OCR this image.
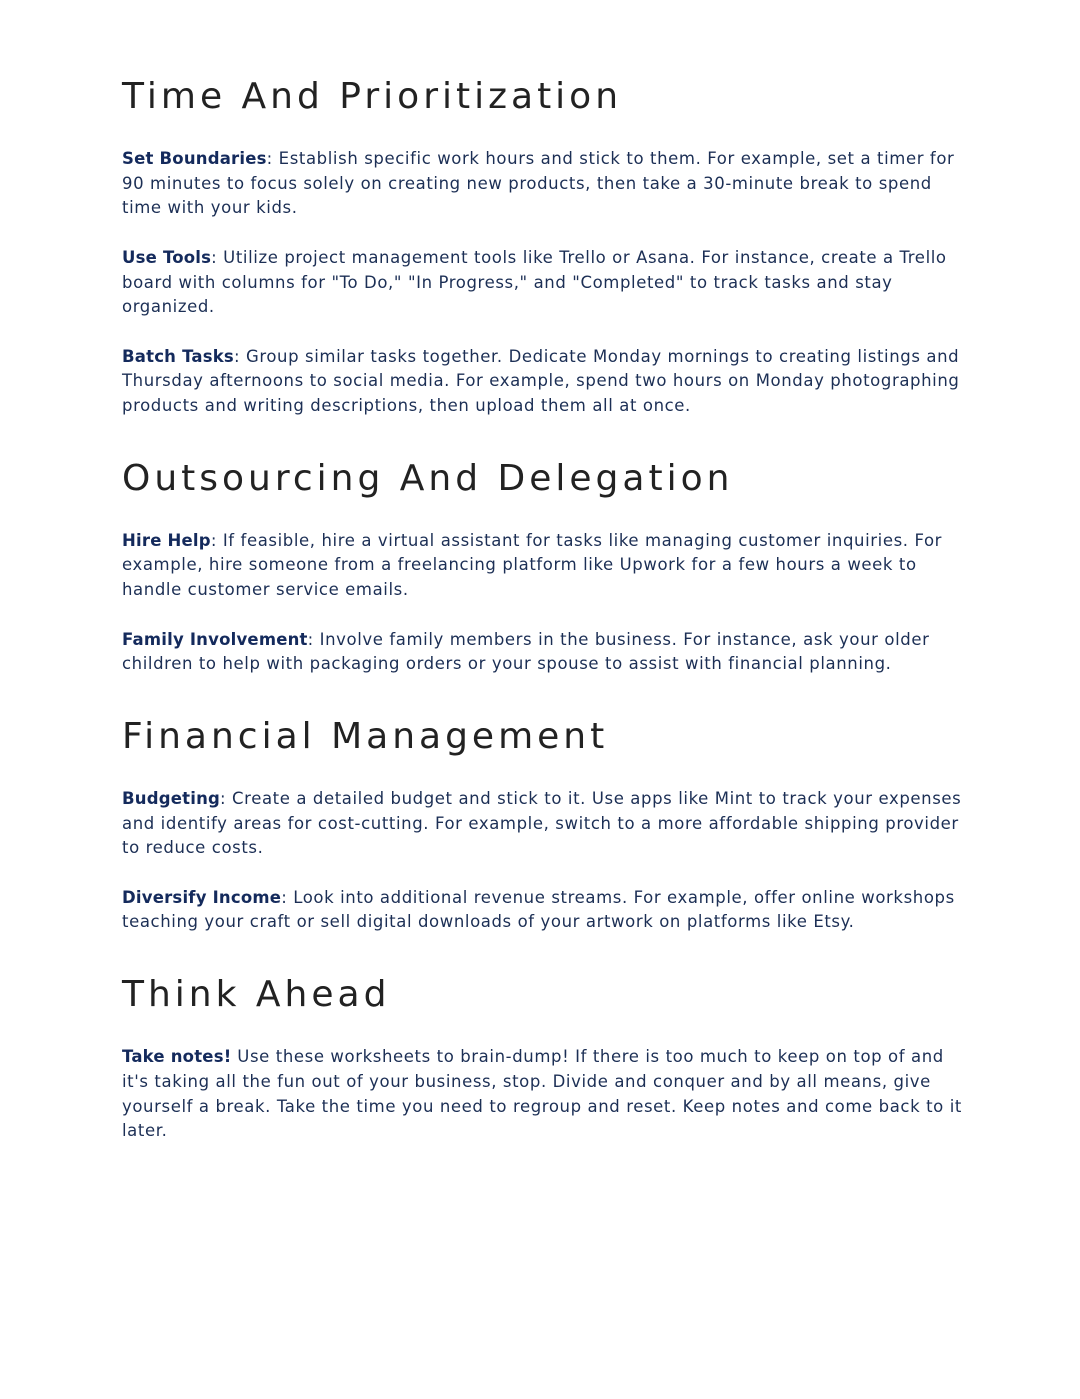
Time And Prioritization

Set Boundaries: Establish specific work hours and stick to them. For example, set a timer for 90 minutes to focus solely on creating new products, then take a 30-minute break to spend time with your kids.

Use Tools: Utilize project management tools like Trello or Asana. For instance, create a Trello board with columns for "To Do," "In Progress," and "Completed" to track tasks and stay organized.

Batch Tasks: Group similar tasks together. Dedicate Monday mornings to creating listings and Thursday afternoons to social media. For example, spend two hours on Monday photographing products and writing descriptions, then upload them all at once.

Outsourcing And Delegation

Hire Help: If feasible, hire a virtual assistant for tasks like managing customer inquiries. For example, hire someone from a freelancing platform like Upwork for a few hours a week to handle customer service emails.

Family Involvement: Involve family members in the business. For instance, ask your older children to help with packaging orders or your spouse to assist with financial planning.

Financial Management

Budgeting: Create a detailed budget and stick to it. Use apps like Mint to track your expenses and identify areas for cost-cutting. For example, switch to a more affordable shipping provider to reduce costs.

Diversify Income: Look into additional revenue streams. For example, offer online workshops teaching your craft or sell digital downloads of your artwork on platforms like Etsy.

Think Ahead

Take notes! Use these worksheets to brain-dump! If there is too much to keep on top of and it's taking all the fun out of your business, stop. Divide and conquer and by all means, give yourself a break. Take the time you need to regroup and reset. Keep notes and come back to it later.
